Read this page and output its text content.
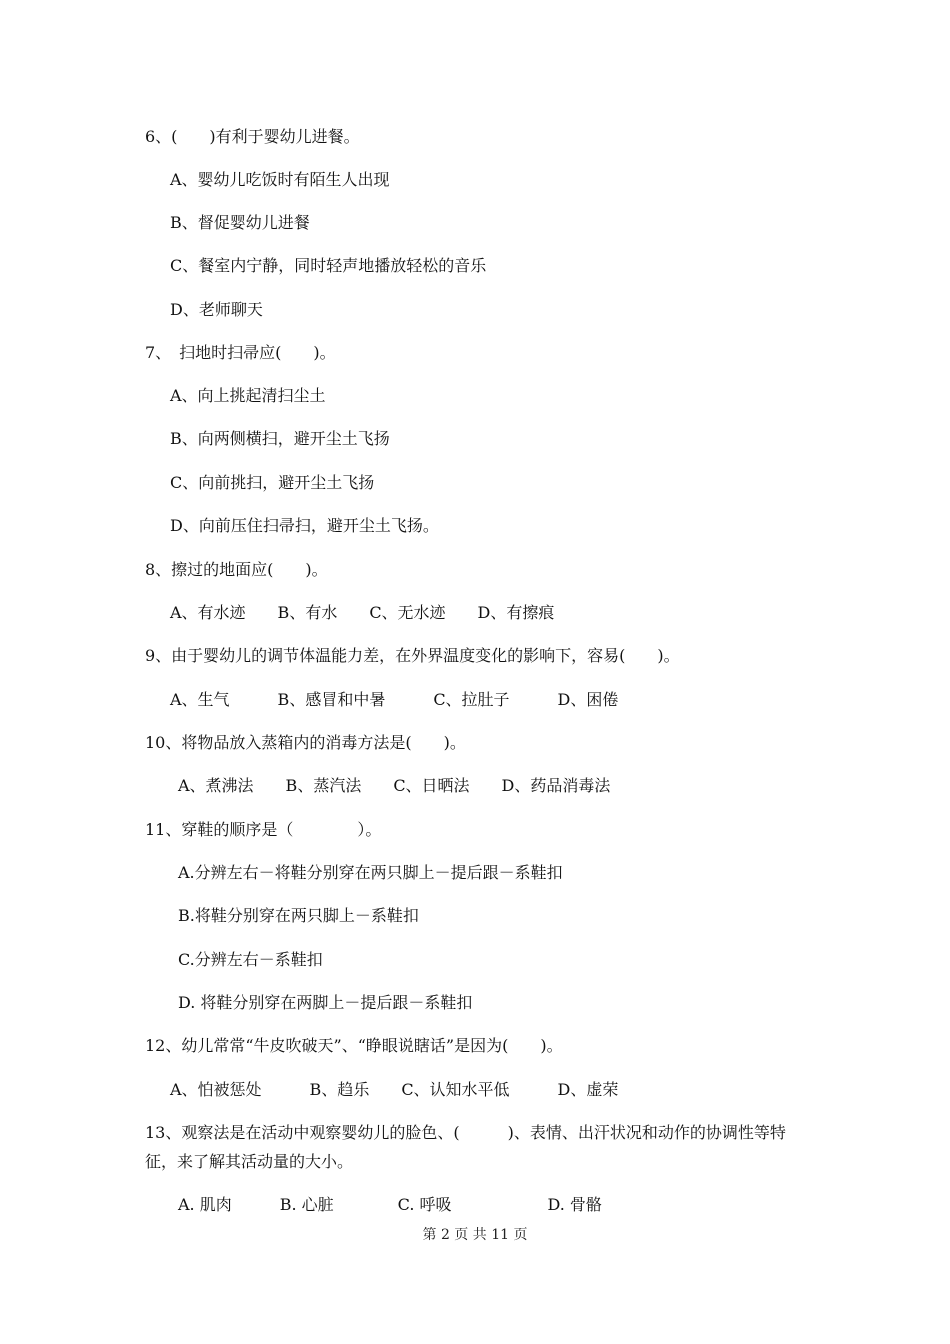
6、(　　)有利于婴幼儿进餐。
A、婴幼儿吃饭时有陌生人出现
B、督促婴幼儿进餐
C、餐室内宁静，同时轻声地播放轻松的音乐
D、老师聊天
7、　扫地时扫帚应(　　)。
A、向上挑起清扫尘土
B、向两侧横扫，避开尘土飞扬
C、向前挑扫，避开尘土飞扬
D、向前压住扫帚扫，避开尘土飞扬。
8、擦过的地面应(　　)。
A、有水迹　　B、有水　　C、无水迹　　D、有擦痕
9、由于婴幼儿的调节体温能力差，在外界温度变化的影响下，容易(　　)。
A、生气　　　B、感冒和中暑　　　C、拉肚子　　　D、困倦
10、将物品放入蒸箱内的消毒方法是(　　)。
A、煮沸法　　B、蒸汽法　　C、日晒法　　D、药品消毒法
11、穿鞋的顺序是（　　　　）。
A.分辨左右－将鞋分别穿在两只脚上－提后跟－系鞋扣
B.将鞋分别穿在两只脚上－系鞋扣
C.分辨左右－系鞋扣
D. 将鞋分别穿在两脚上－提后跟－系鞋扣
12、幼儿常常“牛皮吹破天”、“睁眼说瞎话”是因为(　　)。
A、怕被惩处　　　B、趋乐　　C、认知水平低　　　D、虚荣
13、观察法是在活动中观察婴幼儿的脸色、(　　　)、表情、出汗状况和动作的协调性等特
征，来了解其活动量的大小。
A. 肌肉　　　B. 心脏　　　　C. 呼吸　　　　　　D. 骨骼
第 2 页 共 11 页
